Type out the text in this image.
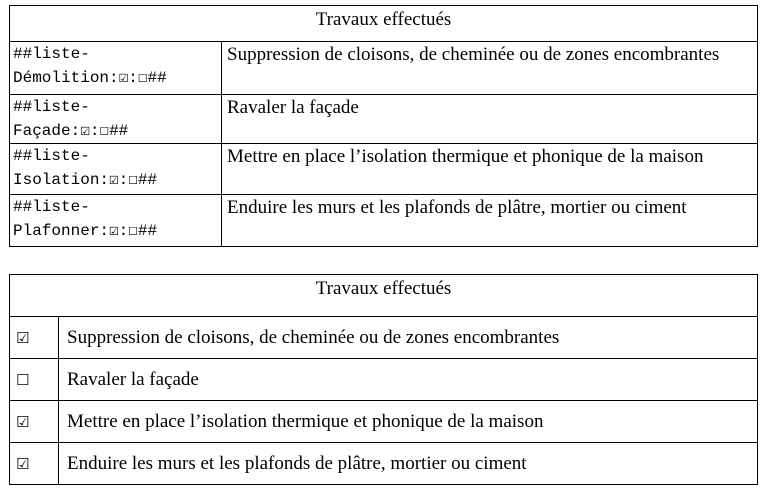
Travaux effectués	
##liste-
Démolition:☑:☐##	Suppression de cloisons, de cheminée ou de zones encombrantes
##liste-
Façade:☑:☐##	Ravaler la façade
##liste-
Isolation:☑:☐##	Mettre en place l’isolation thermique et phonique de la maison
##liste-
Plafonner:☑:☐##	Enduire les murs et les plafonds de plâtre, mortier ou ciment
Travaux effectués	
☑	Suppression de cloisons, de cheminée ou de zones encombrantes
☐	Ravaler la façade
☑	Mettre en place l’isolation thermique et phonique de la maison
☑	Enduire les murs et les plafonds de plâtre, mortier ou ciment
